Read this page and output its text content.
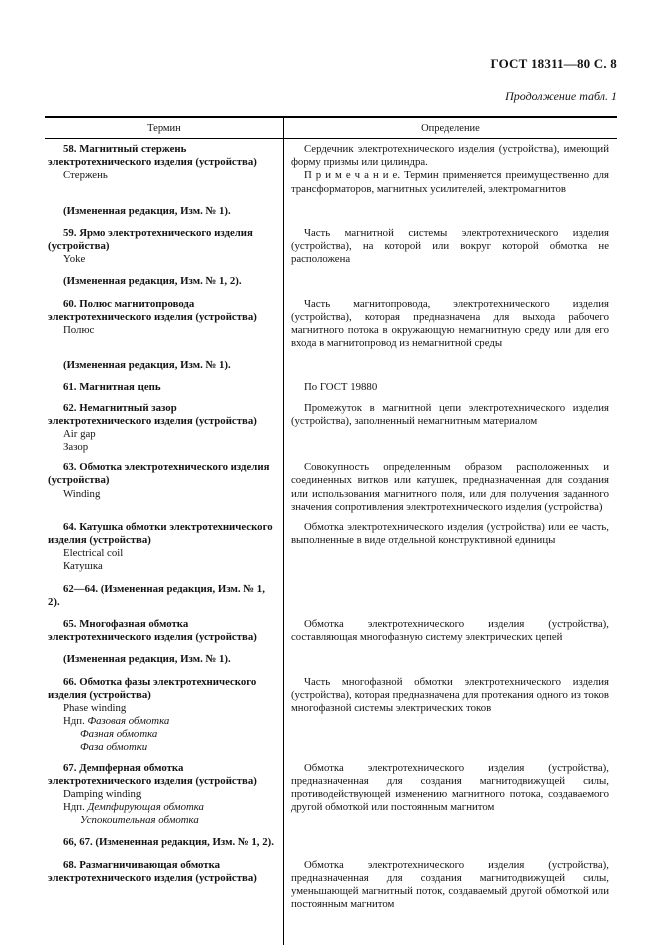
ГОСТ 18311—80 С. 8
Продолжение табл. 1
Термин	Определение

58. Магнитный стержень электротехнического изделия (устройства)

Стержень

Сердечник электротехнического изделия (устройства), имеющий форму призмы или цилиндра.

П р и м е ч а н и е. Термин применяется преимущественно для трансформаторов, магнитных усилителей, электромагнитов

(Измененная редакция, Изм. № 1).

59. Ярмо электротехнического изделия (устройства)

Yoke

Часть магнитной системы электротехнического изделия (устройства), на которой или вокруг которой обмотка не расположена

(Измененная редакция, Изм. № 1, 2).

60. Полюс магнитопровода электротехнического изделия (устройства)

Полюс

Часть магнитопровода, электротехнического изделия (устройства), которая предназначена для выхода рабочего магнитного потока в окружающую немагнитную среду или для его входа в магнитопровод из немагнитной среды

(Измененная редакция, Изм. № 1).

61. Магнитная цепь	По ГОСТ 19880

62. Немагнитный зазор электротехнического изделия (устройства)

Air gap

Зазор

Промежуток в магнитной цепи электротехнического изделия (устройства), заполненный немагнитным материалом

63. Обмотка электротехнического изделия (устройства)

Winding

Совокупность определенным образом расположенных и соединенных витков или катушек, предназначенная для создания или использования магнитного поля, или для получения заданного значения сопротивления электротехнического изделия (устройства)

64. Катушка обмотки электротехнического изделия (устройства)

Electrical coil

Катушка

Обмотка электротехнического изделия (устройства) или ее часть, выполненные в виде отдельной конструктивной единицы

62—64. (Измененная редакция, Изм. № 1, 2).

65. Многофазная обмотка электротехнического изделия (устройства)

Обмотка электротехнического изделия (устройства), составляющая многофазную систему электрических цепей

(Измененная редакция, Изм. № 1).

66. Обмотка фазы электротехнического изделия (устройства)

Phase winding

Ндп. Фазовая обмотка

Фазная обмотка

Фаза обмотки

Часть многофазной обмотки электротехнического изделия (устройства), которая предназначена для протекания одного из токов многофазной системы электрических токов

67. Демпферная обмотка электротехнического изделия (устройства)

Damping winding

Ндп. Демпфирующая обмотка

Успокоительная обмотка

Обмотка электротехнического изделия (устройства), предназначенная для создания магнитодвижущей силы, противодействующей изменению магнитного потока, создаваемого другой обмоткой или постоянным магнитом

66, 67. (Измененная редакция, Изм. № 1, 2).

68. Размагничивающая обмотка электротехнического изделия (устройства)

Обмотка электротехнического изделия (устройства), предназначенная для создания магнитодвижущей силы, уменьшающей магнитный поток, создаваемый другой обмоткой или постоянным магнитом
